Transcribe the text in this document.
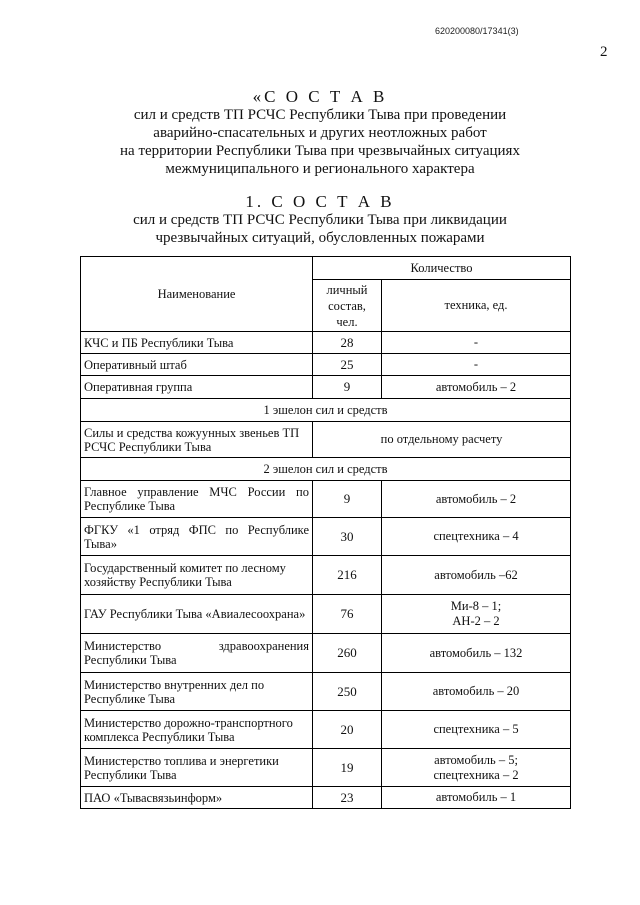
620200080/17341(3)
2
«С О С Т А В
сил и средств ТП РСЧС Республики Тыва при проведении
аварийно-спасательных и других неотложных работ
на территории Республики Тыва при чрезвычайных ситуациях
межмуниципального и регионального характера
1. С О С Т А В
сил и средств ТП РСЧС Республики Тыва при ликвидации
чрезвычайных ситуаций, обусловленных пожарами
Наименование	Количество	
	личный состав, чел.	техника, ед.
КЧС и ПБ Республики Тыва	28	-
Оперативный штаб	25	-
Оперативная группа	9	автомобиль – 2
1 эшелон сил и средств		
Силы и средства кожуунных звеньев ТП РСЧС Республики Тыва	по отдельному расчету	
2 эшелон сил и средств		
Главное управление МЧС России по Республике Тыва	9	автомобиль – 2
ФГКУ «1 отряд ФПС по Республике Тыва»	30	спецтехника – 4
Государственный комитет по лесному хозяйству Республики Тыва	216	автомобиль –62
ГАУ Республики Тыва «Авиалесоохрана»	76	Ми-8 – 1;
АН-2 – 2

Министерство здравоохранения Республики Тыва	260	автомобиль – 132
Министерство внутренних дел по Республике Тыва	250	автомобиль – 20
Министерство дорожно-транспортного комплекса Республики Тыва	20	спецтехника – 5
Министерство топлива и энергетики Республики Тыва	19	автомобиль – 5;
спецтехника – 2

ПАО «Тывасвязьинформ»	23	автомобиль – 1
